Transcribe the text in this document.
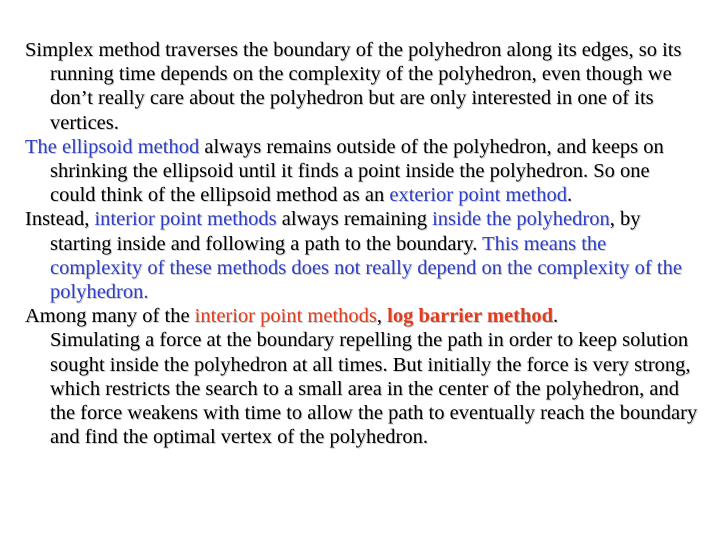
Simplex method traverses the boundary of the polyhedron along its edges, so its running time depends on the complexity of the polyhedron, even though we don’t really care about the polyhedron but are only interested in one of its vertices.

The ellipsoid method always remains outside of the polyhedron, and keeps on shrinking the ellipsoid until it finds a point inside the polyhedron. So one could think of the ellipsoid method as an exterior point method.

Instead, interior point methods always remaining inside the polyhedron, by starting inside and following a path to the boundary. This means the complexity of these methods does not really depend on the complexity of the polyhedron.

Among many of the interior point methods, log barrier method.

Simulating a force at the boundary repelling the path in order to keep solution sought inside the polyhedron at all times. But initially the force is very strong, which restricts the search to a small area in the center of the polyhedron, and the force weakens with time to allow the path to eventually reach the boundary and find the optimal vertex of the polyhedron.
